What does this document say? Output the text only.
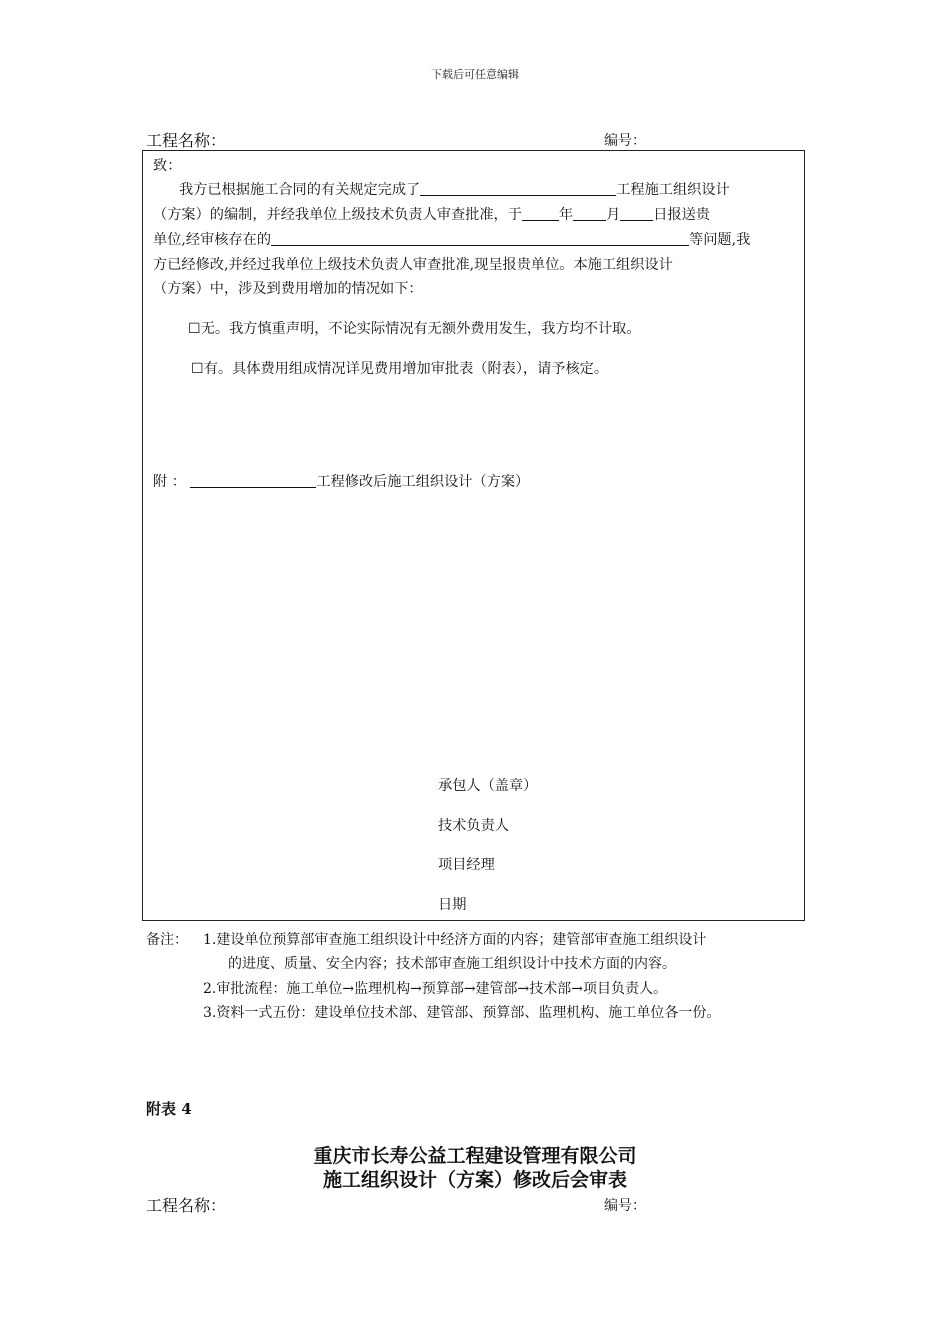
下载后可任意编辑
工程名称：	编号：
致：
我方已根据施工合同的有关规定完成了	工程施工组织设计
（方案）的编制，并经我单位上级技术负责人审查批准，于	年 月 日报送贵
单位,经审核存在的	等问题,我
方已经修改,并经过我单位上级技术负责人审查批准,现呈报贵单位。本施工组织设计
（方案）中，涉及到费用增加的情况如下：
☐无。我方慎重声明，不论实际情况有无额外费用发生，我方均不计取。
☐有。具体费用组成情况详见费用增加审批表（附表），请予核定。
附 ：	工程修改后施工组织设计（方案）
承包人（盖章）
技术负责人
项目经理
日期
备注： 1.建设单位预算部审查施工组织设计中经济方面的内容；建管部审查施工组织设计
的进度、质量、安全内容；技术部审查施工组织设计中技术方面的内容。
2.审批流程：施工单位→监理机构→预算部→建管部→技术部→项目负责人。
3.资料一式五份：建设单位技术部、建管部、预算部、监理机构、施工单位各一份。
附表 4
重庆市长寿公益工程建设管理有限公司
施工组织设计（方案）修改后会审表
工程名称：	编号：
